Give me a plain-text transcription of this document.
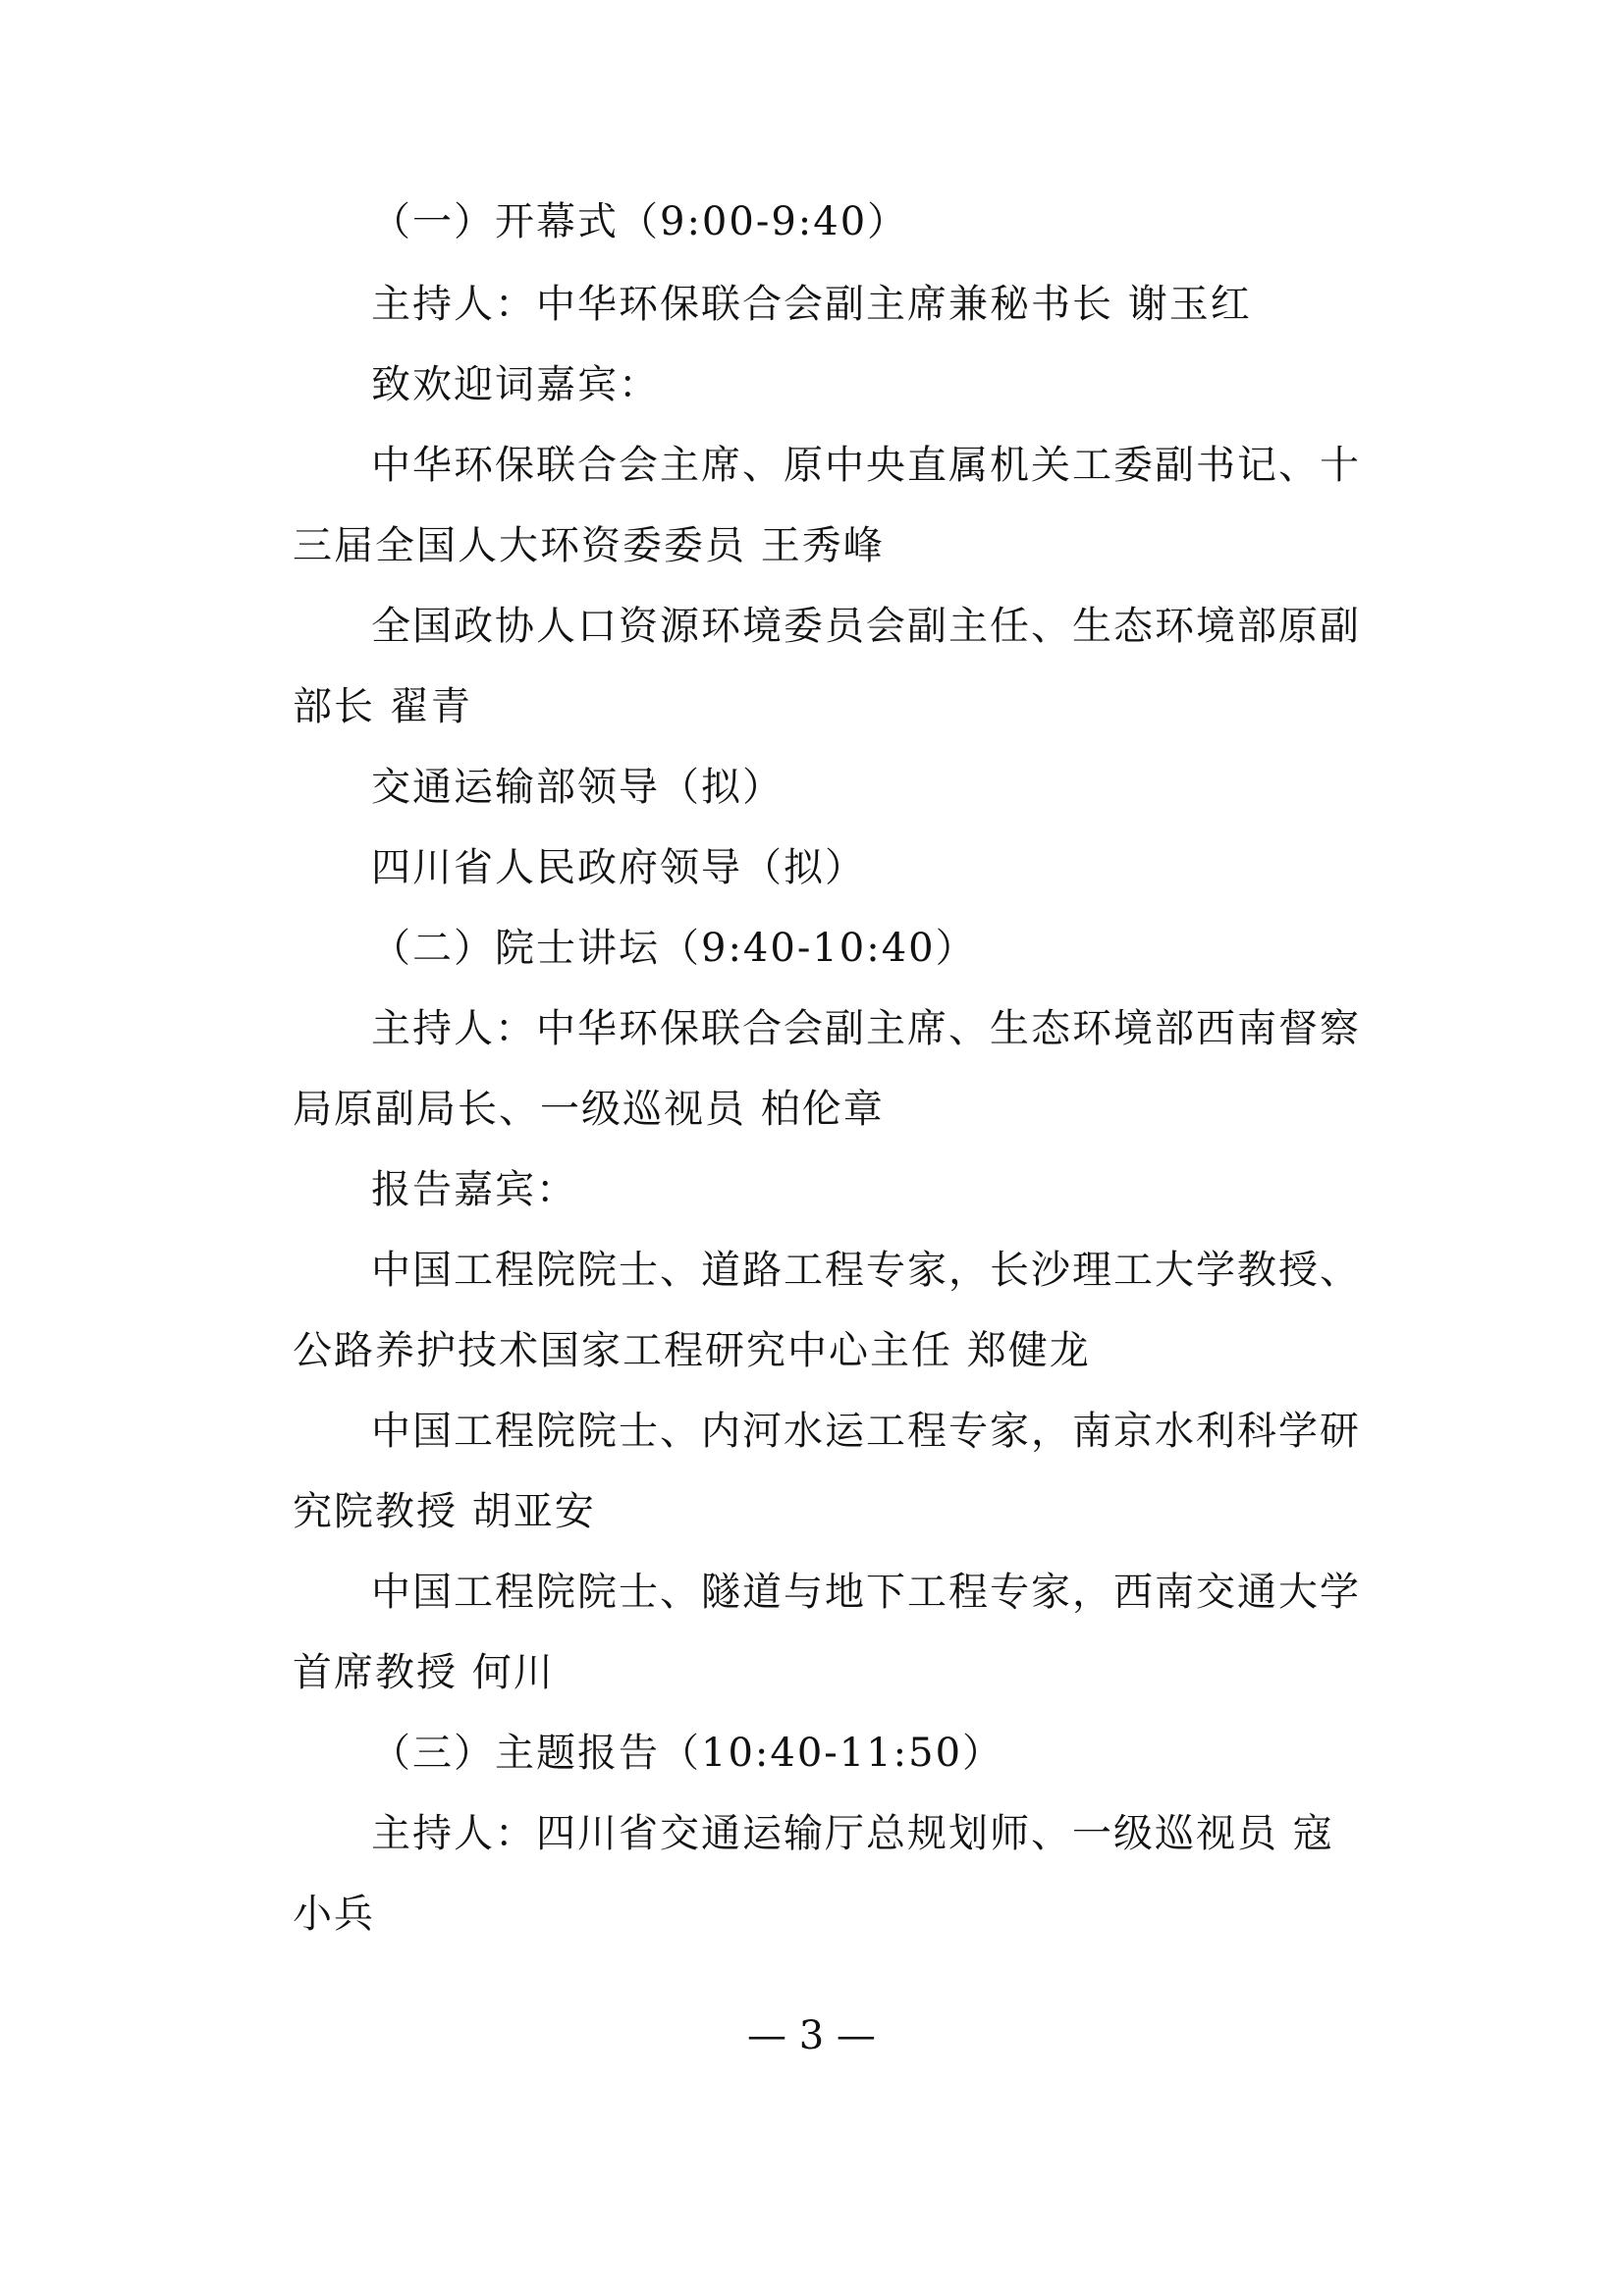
（一）开幕式（9:00-9:40）
主持人：中华环保联合会副主席兼秘书长 谢玉红
致欢迎词嘉宾：
中华环保联合会主席、原中央直属机关工委副书记、十
三届全国人大环资委委员 王秀峰
全国政协人口资源环境委员会副主任、生态环境部原副
部长 翟青
交通运输部领导（拟）
四川省人民政府领导（拟）
（二）院士讲坛（9:40-10:40）
主持人：中华环保联合会副主席、生态环境部西南督察
局原副局长、一级巡视员 柏伦章
报告嘉宾：
中国工程院院士、道路工程专家，长沙理工大学教授、
公路养护技术国家工程研究中心主任 郑健龙
中国工程院院士、内河水运工程专家，南京水利科学研
究院教授 胡亚安
中国工程院院士、隧道与地下工程专家，西南交通大学
首席教授 何川
（三）主题报告（10:40-11:50）
主持人：四川省交通运输厅总规划师、一级巡视员 寇
小兵
— 3 —
